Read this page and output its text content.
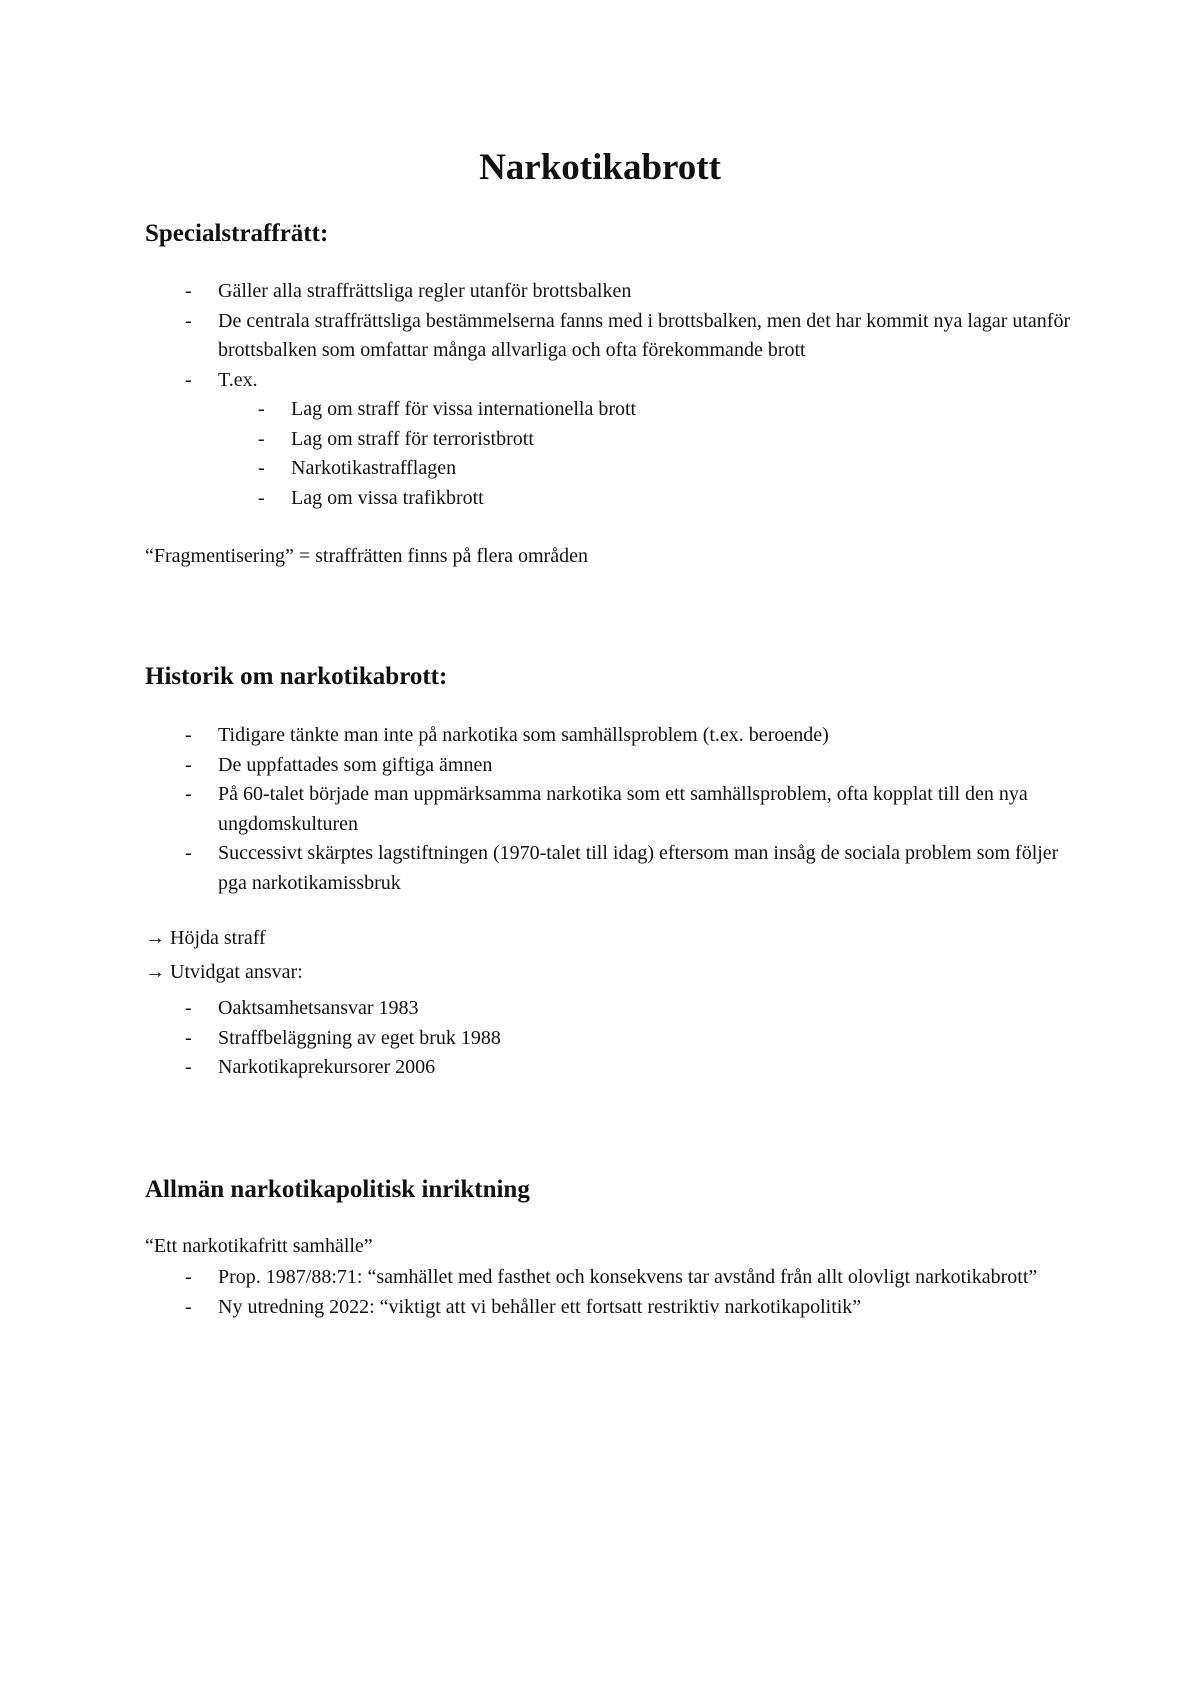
Narkotikabrott
Specialstraffrätt:
- Gäller alla straffrättsliga regler utanför brottsbalken
- De centrala straffrättsliga bestämmelserna fanns med i brottsbalken, men det har kommit nya lagar utanför brottsbalken som omfattar många allvarliga och ofta förekommande brott
- T.ex.
- Lag om straff för vissa internationella brott
- Lag om straff för terroristbrott
- Narkotikastrafflagen
- Lag om vissa trafikbrott
“Fragmentisering” = straffrätten finns på flera områden
Historik om narkotikabrott:
- Tidigare tänkte man inte på narkotika som samhällsproblem (t.ex. beroende)
- De uppfattades som giftiga ämnen
- På 60-talet började man uppmärksamma narkotika som ett samhällsproblem, ofta kopplat till den nya ungdomskulturen
- Successivt skärptes lagstiftningen (1970-talet till idag) eftersom man insåg de sociala problem som följer pga narkotikamissbruk
→ Höjda straff
→ Utvidgat ansvar:
- Oaktsamhetsansvar 1983
- Straffbeläggning av eget bruk 1988
- Narkotikaprekursorer 2006
Allmän narkotikapolitisk inriktning
“Ett narkotikafritt samhälle”
- Prop. 1987/88:71: “samhället med fasthet och konsekvens tar avstånd från allt olovligt narkotikabrott”
- Ny utredning 2022: “viktigt att vi behåller ett fortsatt restriktiv narkotikapolitik”
